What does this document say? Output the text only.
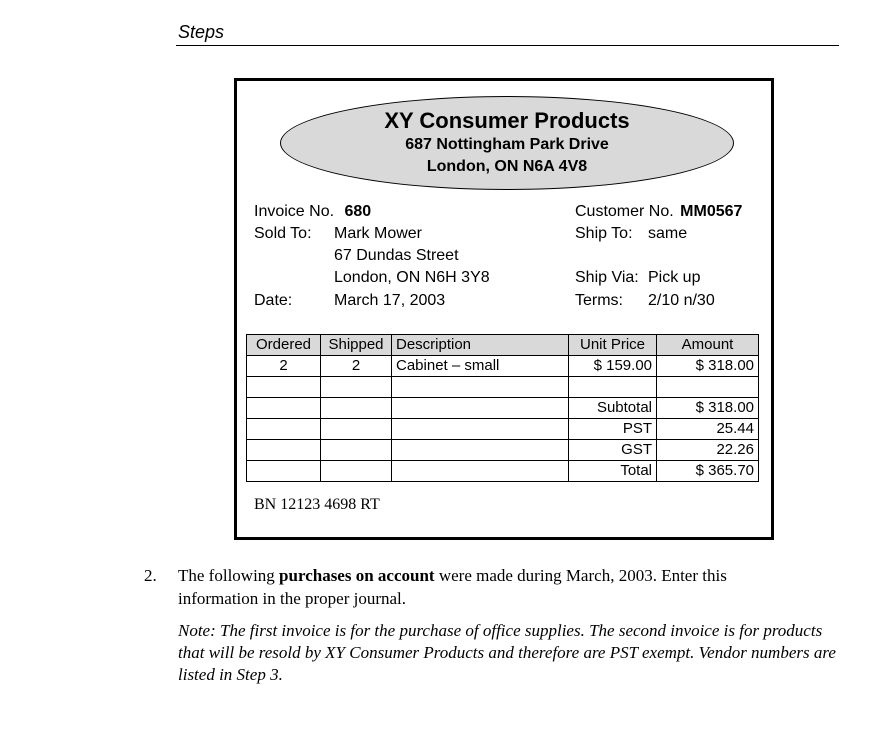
Steps
XY Consumer Products
687 Nottingham Park Drive
London, ON N6A 4V8
Invoice No. 680
Sold To: Mark Mower
67 Dundas Street
London, ON N6H 3Y8
Date:	March 17, 2003
Customer No. MM0567
Ship To: same
Ship Via: Pick up
Terms: 2/10 n/30
Ordered	Shipped	Description	Unit Price	Amount
2	2	Cabinet – small	$ 159.00	$ 318.00

			Subtotal	$ 318.00
			PST	25.44
			GST	22.26
			Total	$ 365.70
BN 12123 4698 RT
2. The following purchases on account were made during March, 2003. Enter this
information in the proper journal.
Note: The first invoice is for the purchase of office supplies. The second invoice is for products that will be resold by XY Consumer Products and therefore are PST exempt. Vendor numbers are listed in Step 3.
